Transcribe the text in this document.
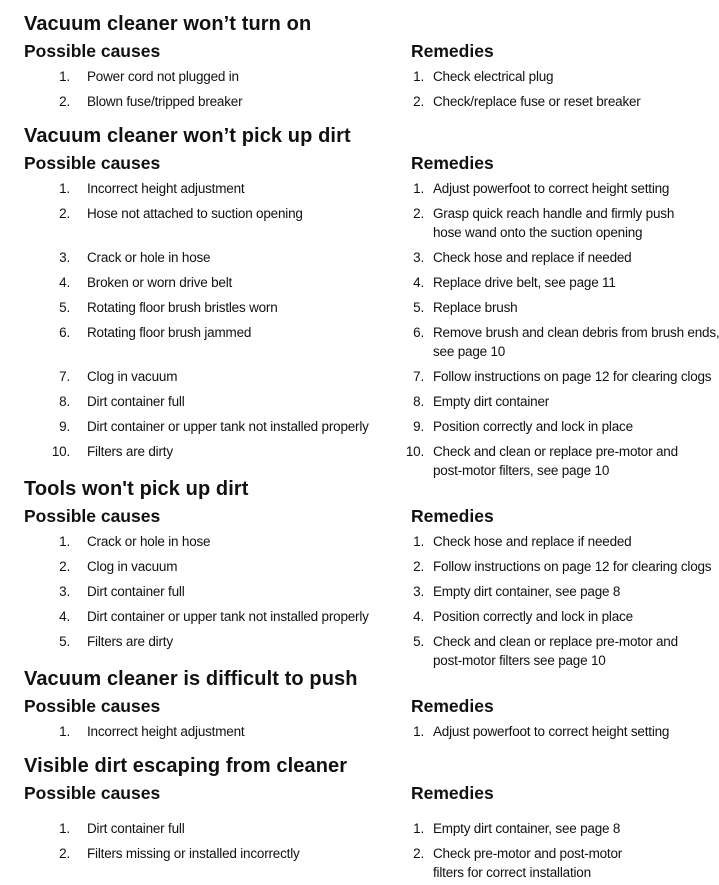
Vacuum cleaner won’t turn on
Possible causes	Remedies
1. Power cord not plugged in	1. Check electrical plug
2. Blown fuse/tripped breaker	2. Check/replace fuse or reset breaker
Vacuum cleaner won’t pick up dirt
Possible causes	Remedies
1. Incorrect height adjustment	1. Adjust powerfoot to correct height setting
2. Hose not attached to suction opening	2. Grasp quick reach handle and firmly push
hose wand onto the suction opening
3. Crack or hole in hose	3. Check hose and replace if needed
4. Broken or worn drive belt	4. Replace drive belt, see page 11
5. Rotating floor brush bristles worn	5. Replace brush
6. Rotating floor brush jammed	6. Remove brush and clean debris from brush ends,
see page 10
7. Clog in vacuum	7. Follow instructions on page 12 for clearing clogs
8. Dirt container full	8. Empty dirt container
9. Dirt container or upper tank not installed properly	9. Position correctly and lock in place
10. Filters are dirty	10. Check and clean or replace pre-motor and
post-motor filters, see page 10
Tools won't pick up dirt
Possible causes	Remedies
1. Crack or hole in hose	1. Check hose and replace if needed
2. Clog in vacuum	2. Follow instructions on page 12 for clearing clogs
3. Dirt container full	3. Empty dirt container, see page 8
4. Dirt container or upper tank not installed properly	4. Position correctly and lock in place
5. Filters are dirty	5. Check and clean or replace pre-motor and
post-motor filters see page 10
Vacuum cleaner is difficult to push
Possible causes	Remedies
1. Incorrect height adjustment	1. Adjust powerfoot to correct height setting
Visible dirt escaping from cleaner
Possible causes	Remedies
1. Dirt container full	1. Empty dirt container, see page 8
2. Filters missing or installed incorrectly	2. Check pre-motor and post-motor
filters for correct installation
